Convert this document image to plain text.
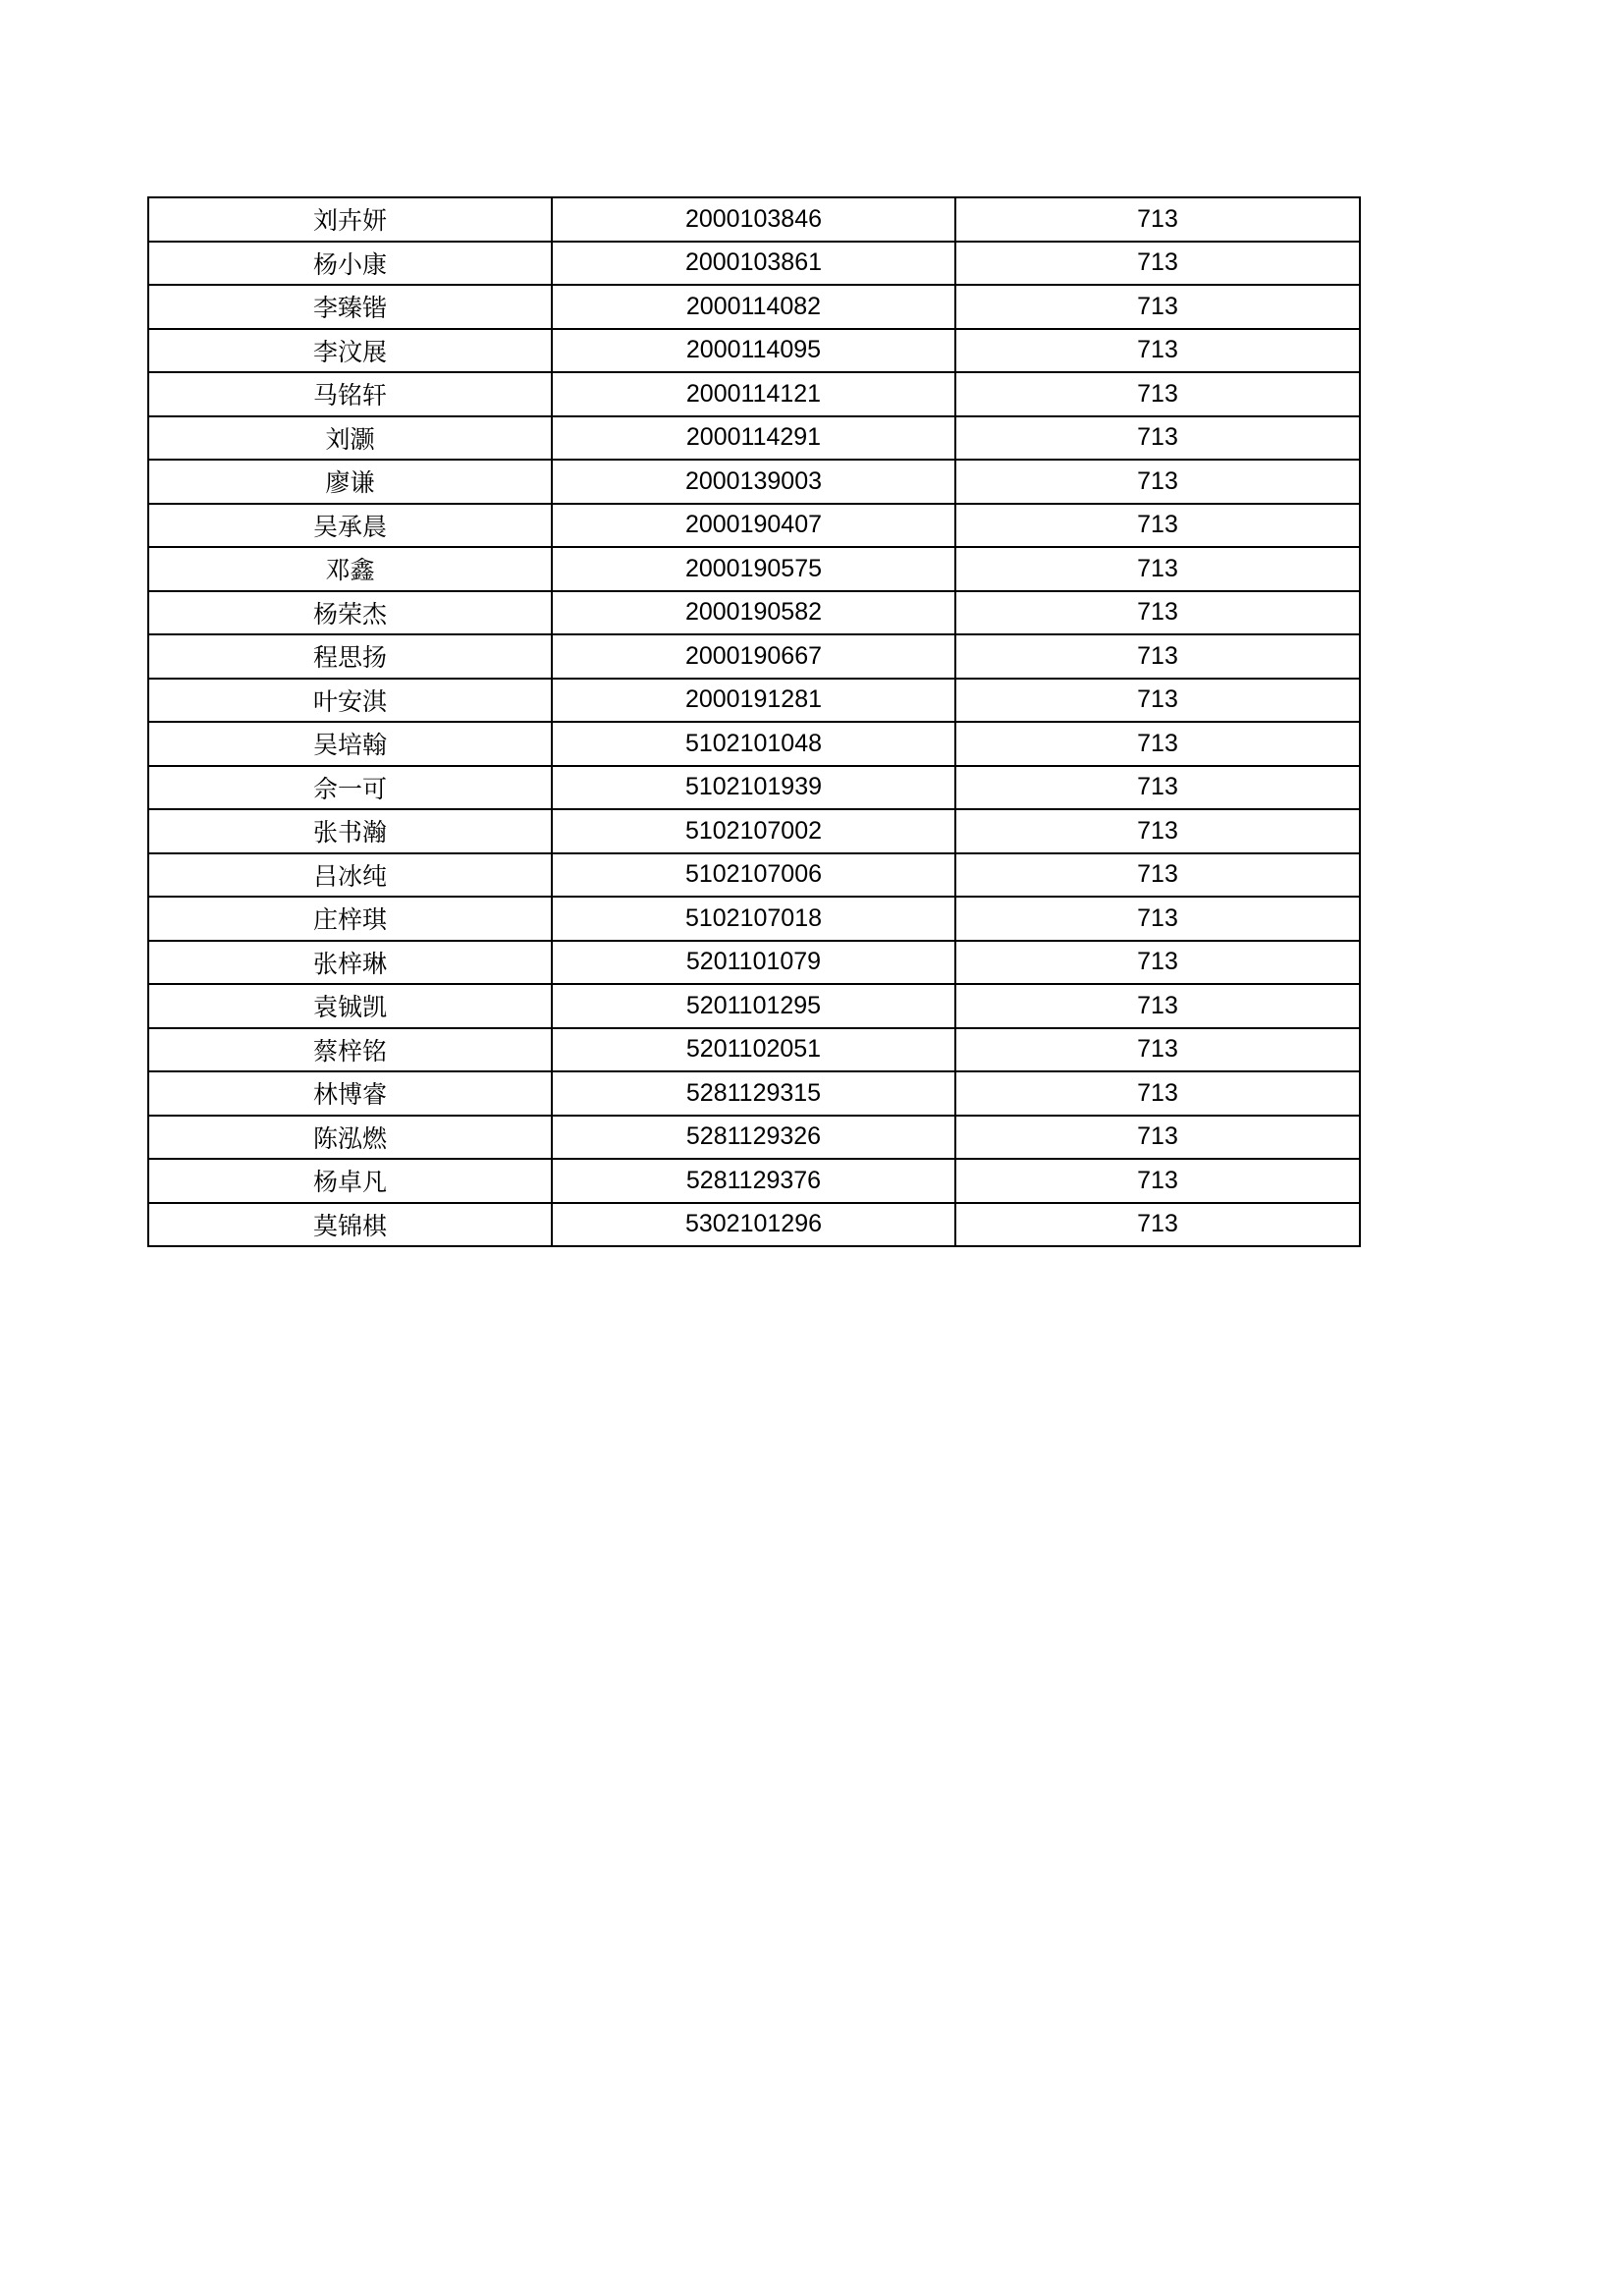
刘卉妍	2000103846	713
杨小康	2000103861	713
李臻锴	2000114082	713
李汶展	2000114095	713
马铭轩	2000114121	713
刘灏	2000114291	713
廖谦	2000139003	713
吴承晨	2000190407	713
邓鑫	2000190575	713
杨荣杰	2000190582	713
程思扬	2000190667	713
叶安淇	2000191281	713
吴培翰	5102101048	713
佘一可	5102101939	713
张书瀚	5102107002	713
吕冰纯	5102107006	713
庄梓琪	5102107018	713
张梓琳	5201101079	713
袁铖凯	5201101295	713
蔡梓铭	5201102051	713
林博睿	5281129315	713
陈泓燃	5281129326	713
杨卓凡	5281129376	713
莫锦棋	5302101296	713
